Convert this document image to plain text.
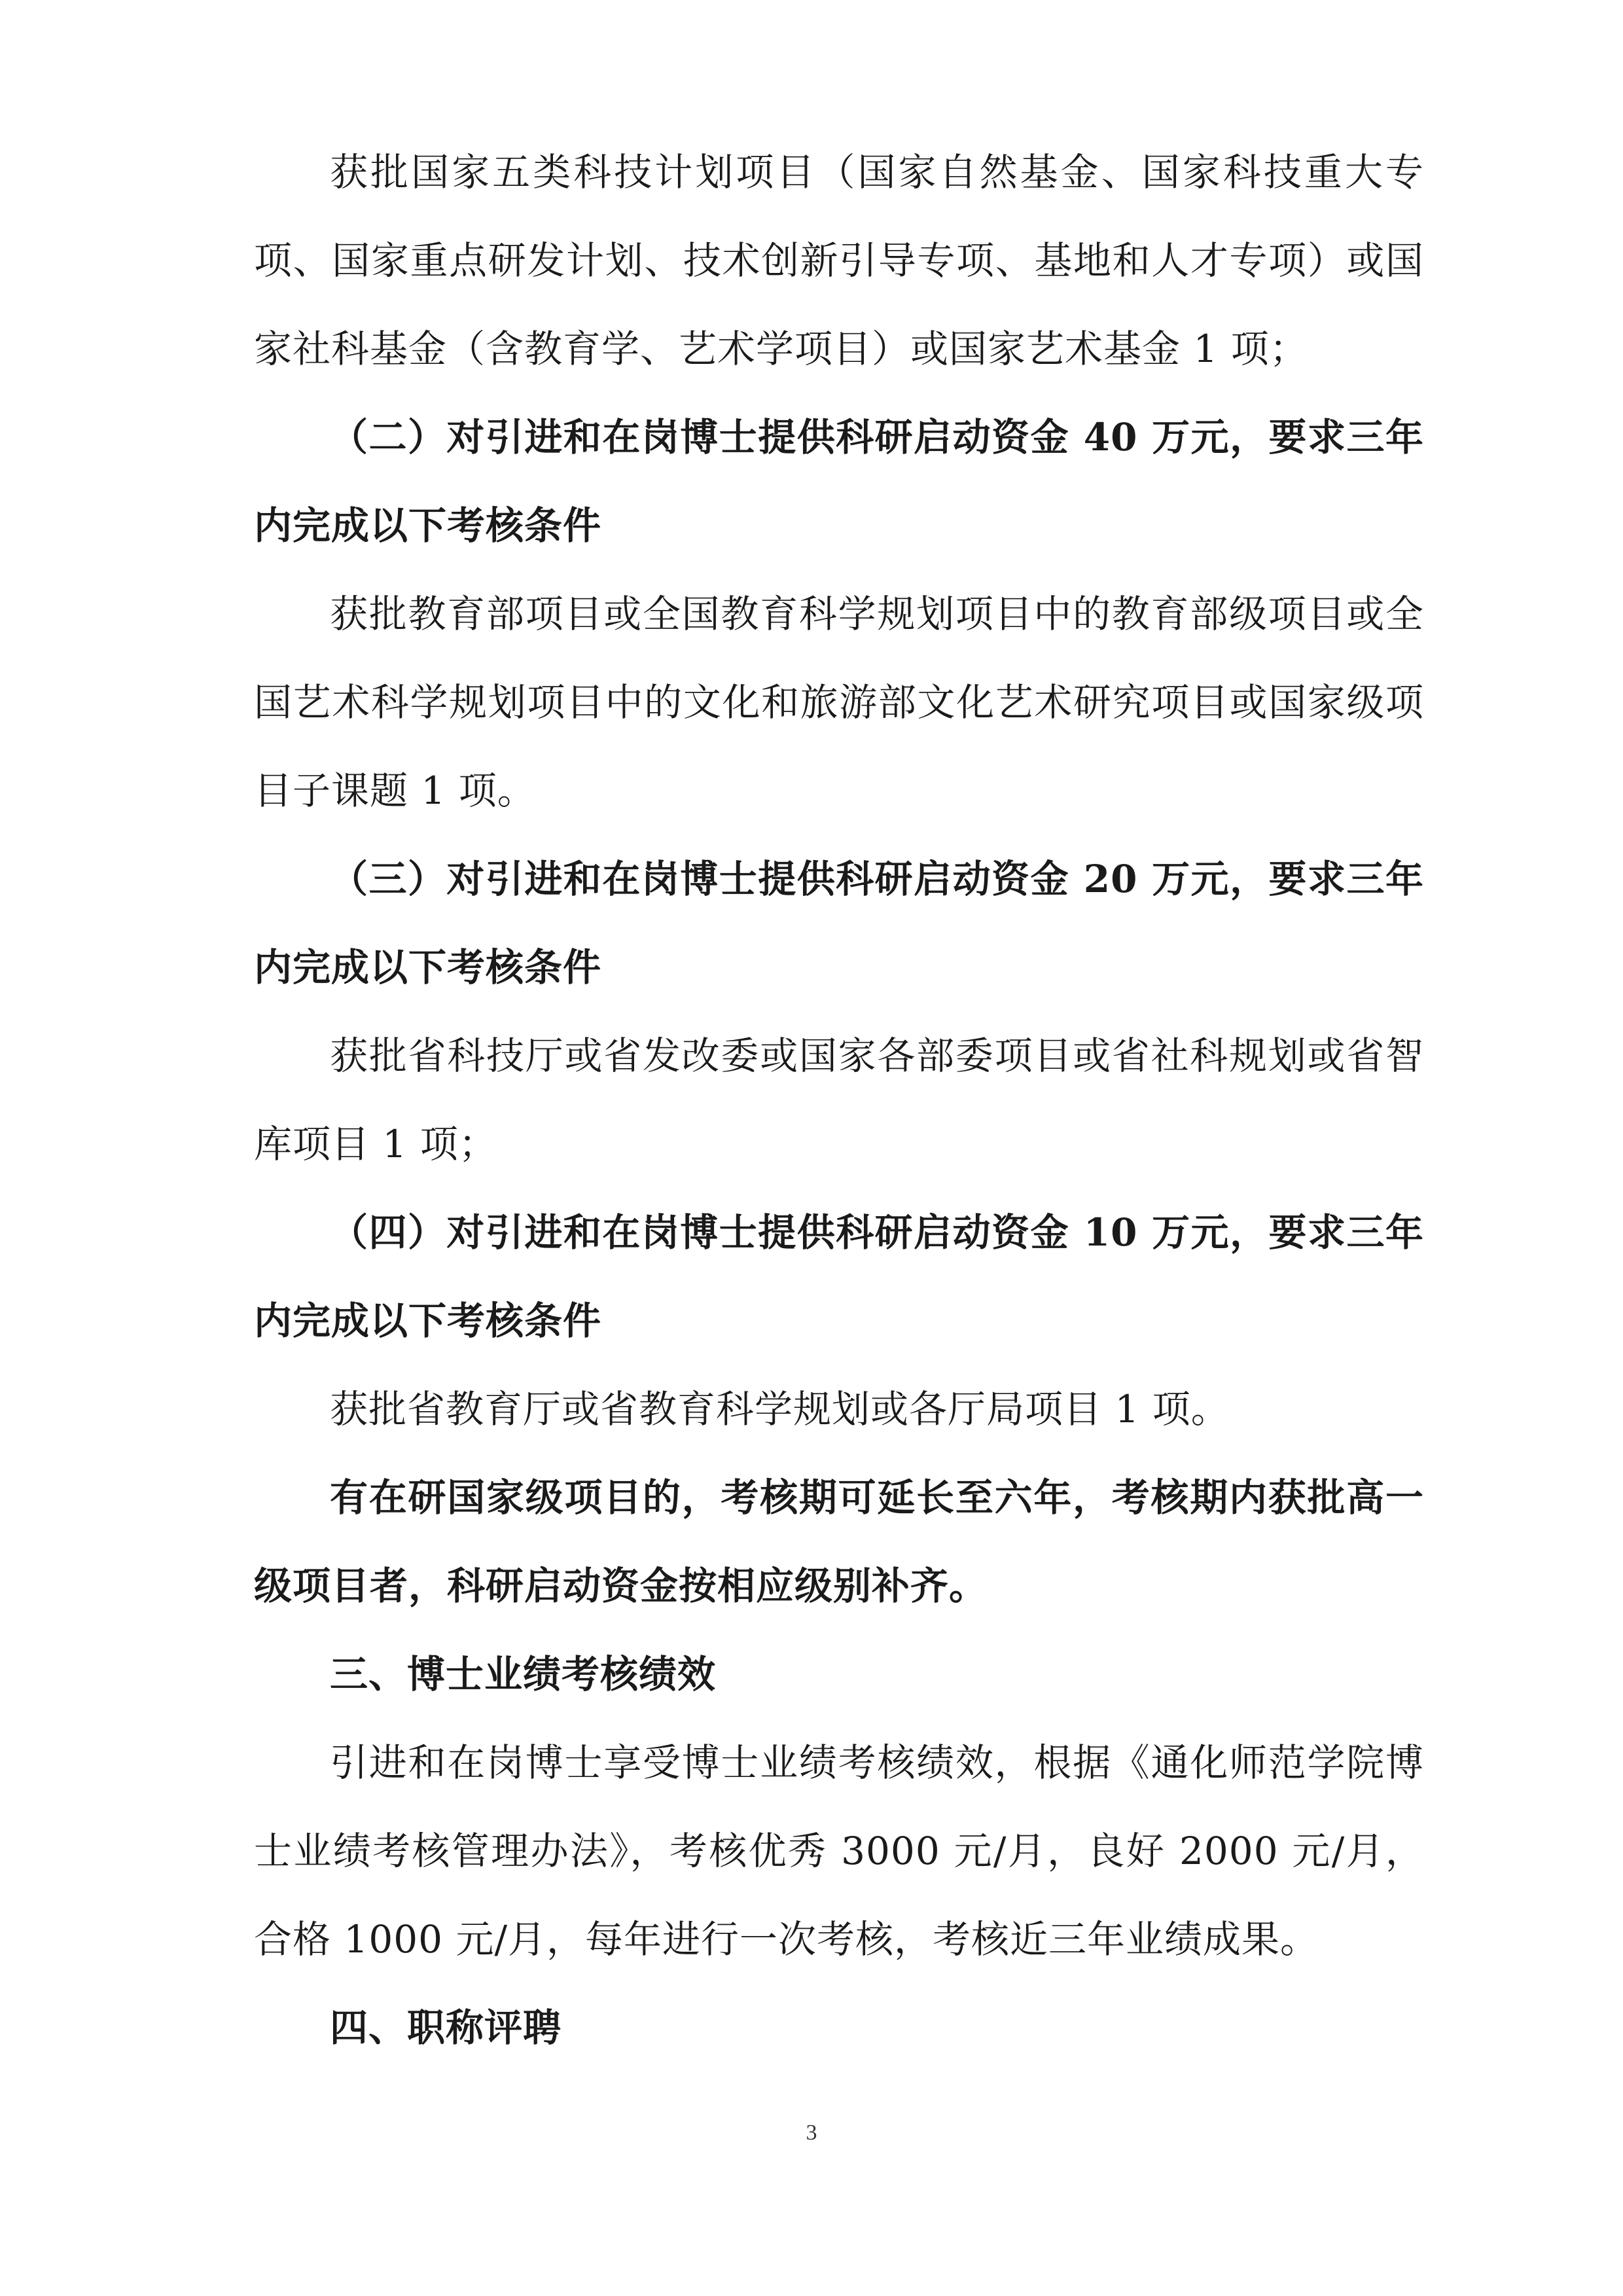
获批国家五类科技计划项目（国家自然基金、国家科技重大专项、国家重点研发计划、技术创新引导专项、基地和人才专项）或国家社科基金（含教育学、艺术学项目）或国家艺术基金 1 项；

（二）对引进和在岗博士提供科研启动资金 40 万元，要求三年内完成以下考核条件

获批教育部项目或全国教育科学规划项目中的教育部级项目或全国艺术科学规划项目中的文化和旅游部文化艺术研究项目或国家级项目子课题 1 项。

（三）对引进和在岗博士提供科研启动资金 20 万元，要求三年内完成以下考核条件

获批省科技厅或省发改委或国家各部委项目或省社科规划或省智库项目 1 项；

（四）对引进和在岗博士提供科研启动资金 10 万元，要求三年内完成以下考核条件

获批省教育厅或省教育科学规划或各厅局项目 1 项。

有在研国家级项目的，考核期可延长至六年，考核期内获批高一级项目者，科研启动资金按相应级别补齐。

三、博士业绩考核绩效

引进和在岗博士享受博士业绩考核绩效，根据《通化师范学院博士业绩考核管理办法》，考核优秀 3000 元/月，良好 2000 元/月，合格 1000 元/月，每年进行一次考核，考核近三年业绩成果。

四、职称评聘

3
